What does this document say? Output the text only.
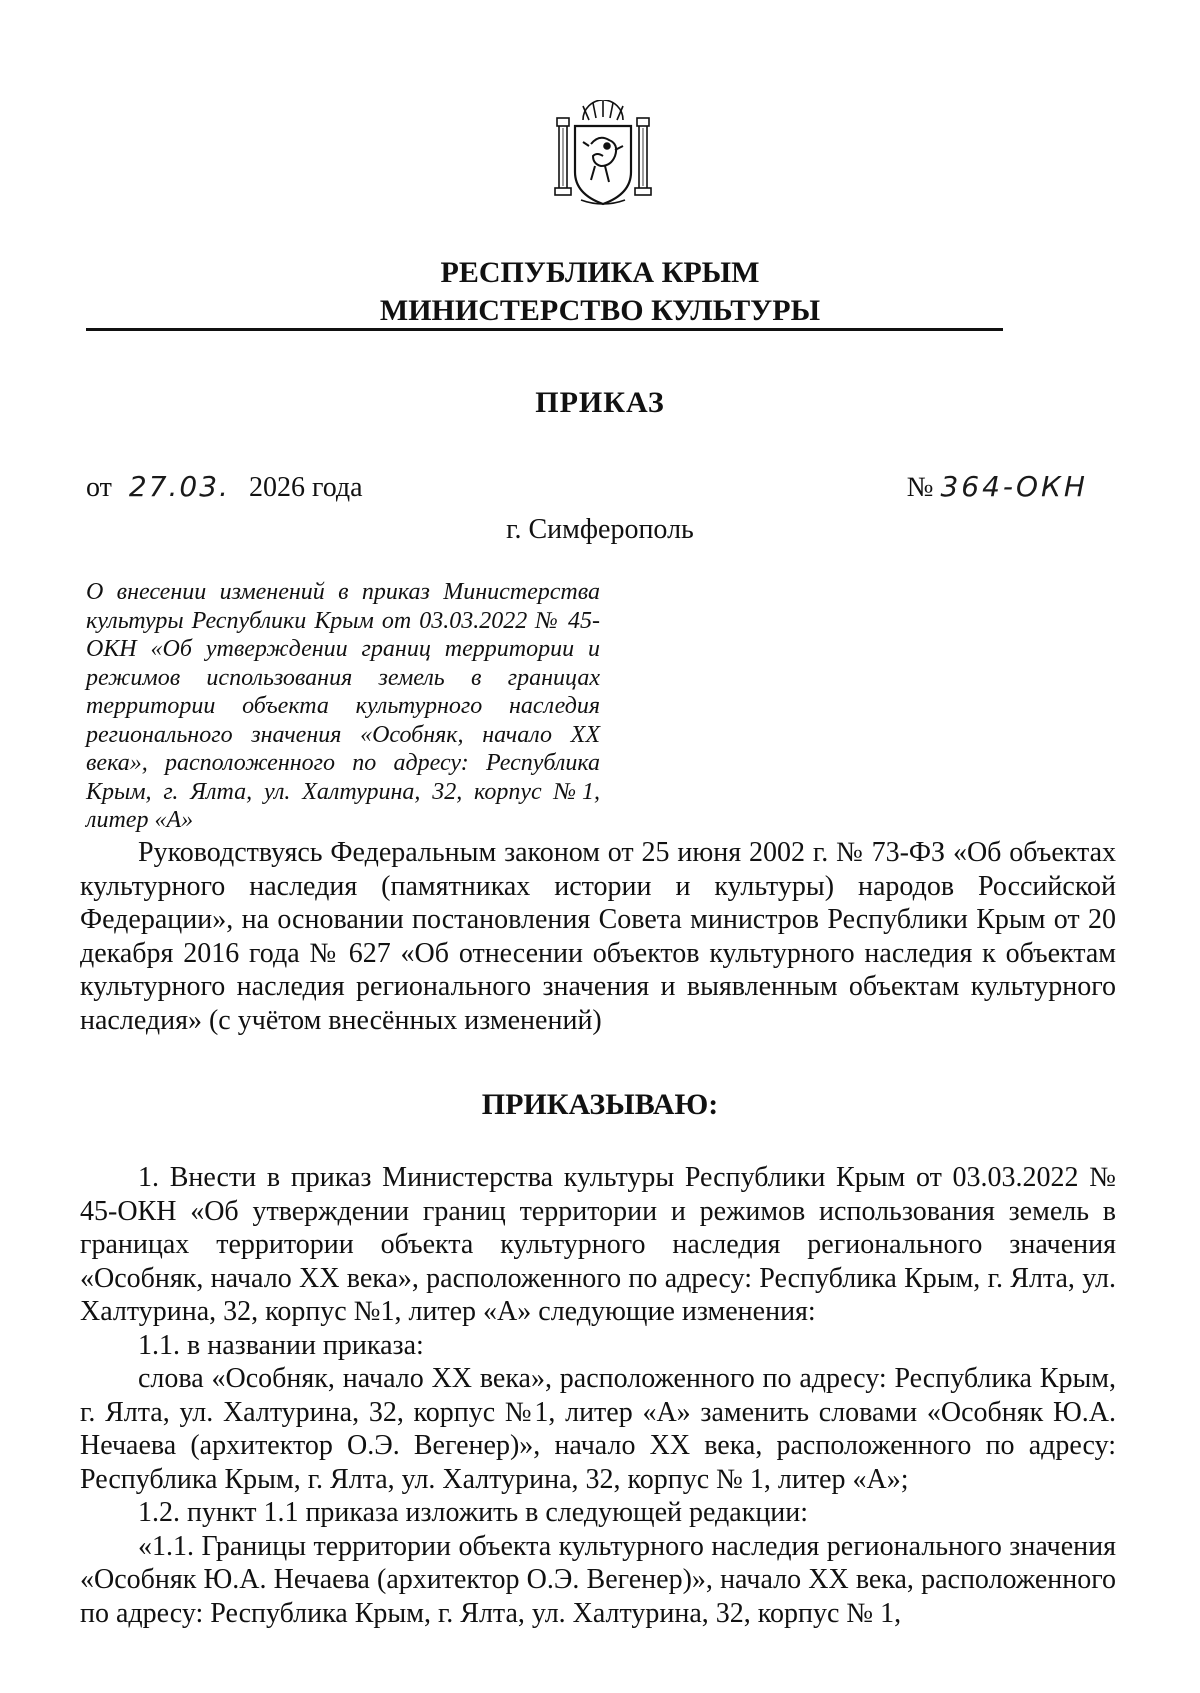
РЕСПУБЛИКА КРЫМ
МИНИСТЕРСТВО КУЛЬТУРЫ
ПРИКАЗ
от 27.03. 2026 года	№ 364-ОКН
г. Симферополь
О внесении изменений в приказ Министерства культуры Республики Крым от 03.03.2022 № 45-ОКН «Об утверждении границ территории и режимов использования земель в границах территории объекта культурного наследия регионального значения «Особняк, начало XX века», расположенного по адресу: Республика Крым, г. Ялта, ул. Халтурина, 32, корпус №1, литер «А»
Руководствуясь Федеральным законом от 25 июня 2002 г. № 73-ФЗ «Об объектах культурного наследия (памятниках истории и культуры) народов Российской Федерации», на основании постановления Совета министров Республики Крым от 20 декабря 2016 года № 627 «Об отнесении объектов культурного наследия к объектам культурного наследия регионального значения и выявленным объектам культурного наследия» (с учётом внесённых изменений)
ПРИКАЗЫВАЮ:

1. Внести в приказ Министерства культуры Республики Крым от 03.03.2022 № 45-ОКН «Об утверждении границ территории и режимов использования земель в границах территории объекта культурного наследия регионального значения «Особняк, начало XX века», расположенного по адресу: Республика Крым, г. Ялта, ул. Халтурина, 32, корпус №1, литер «А» следующие изменения:

1.1. в названии приказа:

слова «Особняк, начало XX века», расположенного по адресу: Республика Крым, г. Ялта, ул. Халтурина, 32, корпус №1, литер «А» заменить словами «Особняк Ю.А. Нечаева (архитектор О.Э. Вегенер)», начало XX века, расположенного по адресу: Республика Крым, г. Ялта, ул. Халтурина, 32, корпус № 1, литер «А»;

1.2. пункт 1.1 приказа изложить в следующей редакции:

«1.1. Границы территории объекта культурного наследия регионального значения «Особняк Ю.А. Нечаева (архитектор О.Э. Вегенер)», начало XX века, расположенного по адресу: Республика Крым, г. Ялта, ул. Халтурина, 32, корпус № 1,
